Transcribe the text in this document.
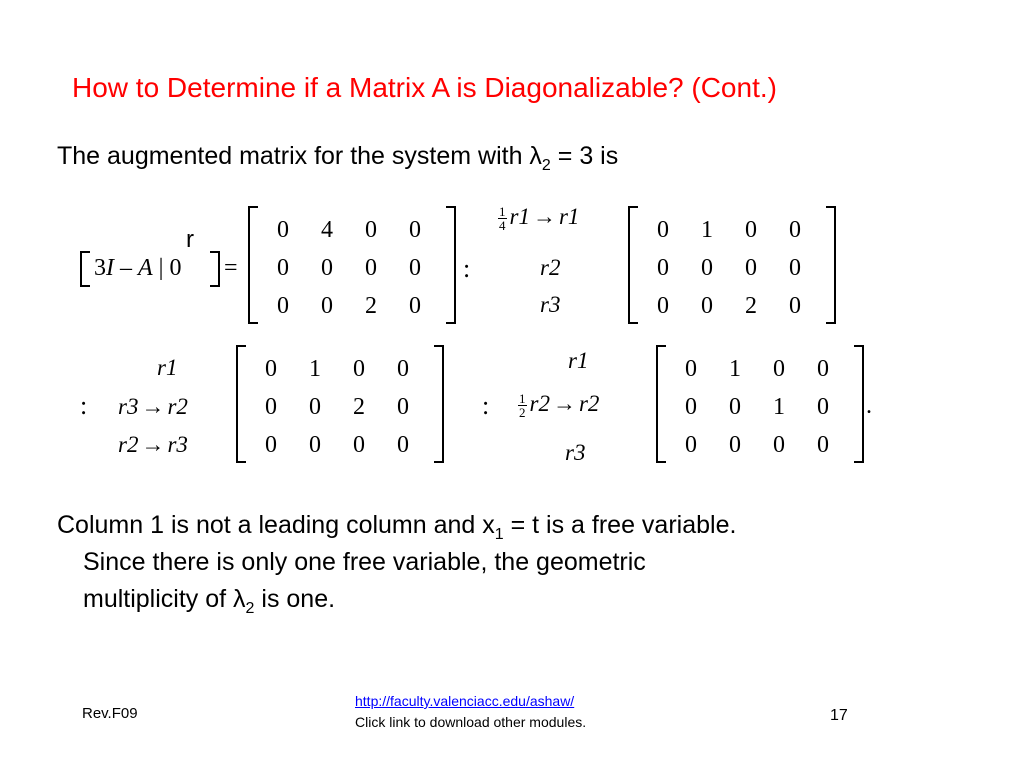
How to Determine if a Matrix A is Diagonalizable? (Cont.)
The augmented matrix for the system with $\lambda_2 = 3$ is
r
3I – A | 0 =
0	4	0	0
0	0	0	0
0	0	2	0
:
$\frac{1}{4} r1 \to r1$
r2
r3
0	1	0	0
0	0	0	0
0	0	2	0
:
r1
r3 → r2
r2 → r3
0	1	0	0
0	0	2	0
0	0	0	0
:
r1
$\frac{1}{2} r2 \to r2$
r3
0	1	0	0
0	0	1	0
0	0	0	0
.
Column 1 is not a leading column and $x_1 = t$ is a free variable.
Since there is only one free variable, the geometric
multiplicity of $\lambda_2$ is one.
Rev.F09
http://faculty.valenciacc.edu/ashaw/
Click link to download other modules.	17
